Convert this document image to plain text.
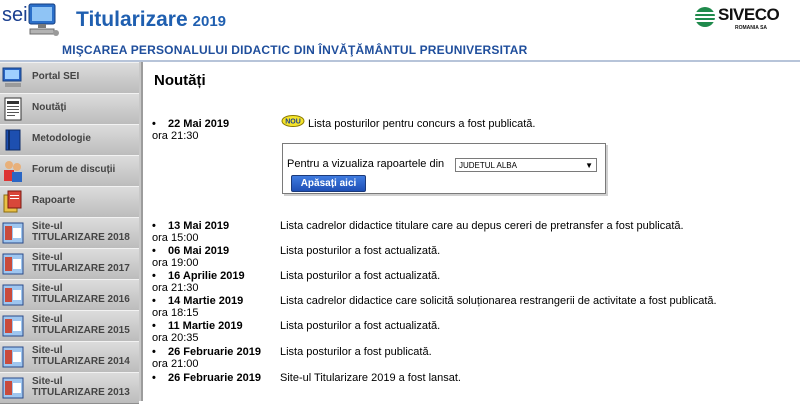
sei Titularizare 2019	SIVECO
ROMANIA SA
MIŞCAREA PERSONALULUI DIDACTIC DIN ÎNVĂŢĂMÂNTUL PREUNIVERSITAR
Portal SEI
Noutăți
Metodologie
Forum de discuții
Rapoarte
Site-ul
TITULARIZARE 2018
Site-ul
TITULARIZARE 2017
Site-ul
TITULARIZARE 2016
Site-ul
TITULARIZARE 2015
Site-ul
TITULARIZARE 2014
Site-ul
TITULARIZARE 2013
Noutăți
• 22 Mai 2019
ora 21:30
NOU Lista posturilor pentru concurs a fost publicată.
• 13 Mai 2019
ora 15:00
Lista cadrelor didactice titulare care au depus cereri de pretransfer a fost publicată.
• 06 Mai 2019
ora 19:00
Lista posturilor a fost actualizată.
• 16 Aprilie 2019
ora 21:30
Lista posturilor a fost actualizată.
• 14 Martie 2019
ora 18:15
Lista cadrelor didactice care solicită soluționarea restrangerii de activitate a fost publicată.
• 11 Martie 2019
ora 20:35
Lista posturilor a fost actualizată.
• 26 Februarie 2019
ora 21:00
Lista posturilor a fost publicată.
• 26 Februarie 2019 Site-ul Titularizare 2019 a fost lansat.
Pentru a vizualiza rapoartele din	JUDETUL ALBA	▼
Apăsați aici
